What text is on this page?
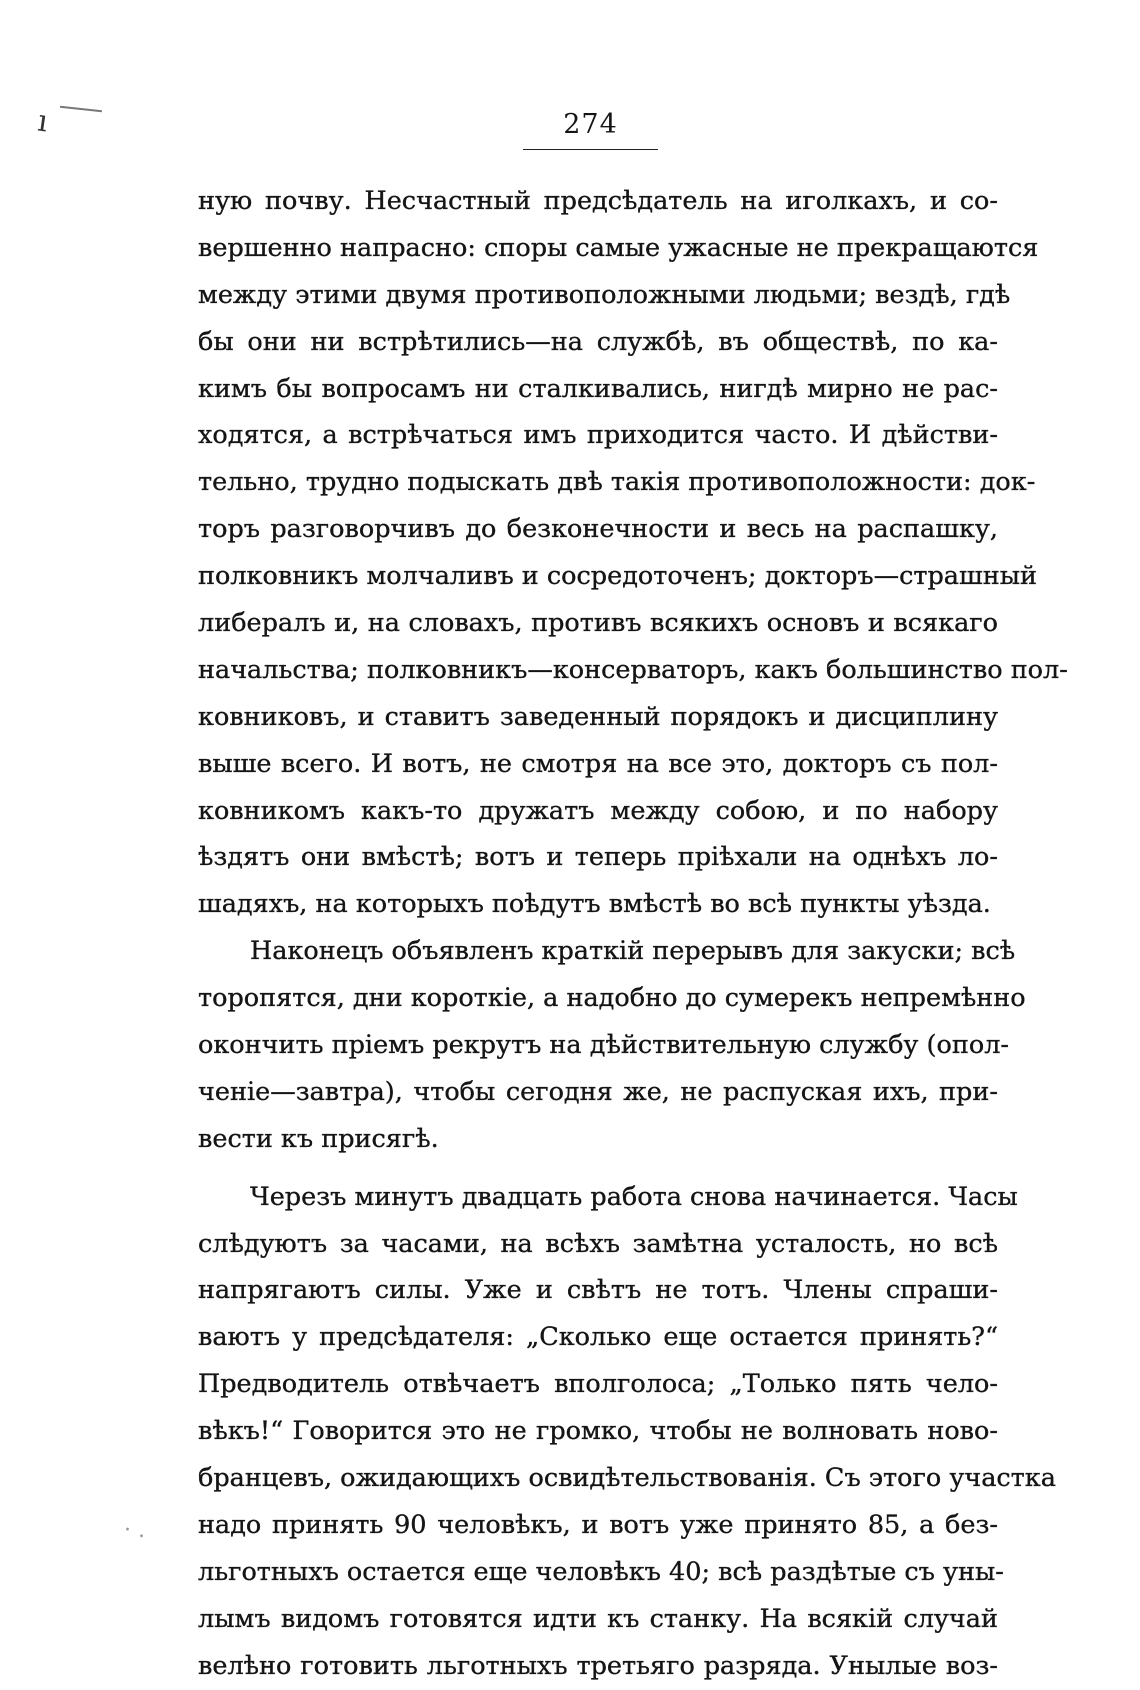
ı
· .
274
ную почву. Несчастный предсѣдатель на иголкахъ, и со-
вершенно напрасно: споры самые ужасные не прекращаются
между этими двумя противоположными людьми; вездѣ, гдѣ
бы они ни встрѣтились—на службѣ, въ обществѣ, по ка-
кимъ бы вопросамъ ни сталкивались, нигдѣ мирно не рас-
ходятся, а встрѣчаться имъ приходится часто. И дѣйстви-
тельно, трудно подыскать двѣ такія противоположности: док-
торъ разговорчивъ до безконечности и весь на распашку,
полковникъ молчаливъ и сосредоточенъ; докторъ—страшный
либералъ и, на словахъ, противъ всякихъ основъ и всякаго
начальства; полковникъ—консерваторъ, какъ большинство пол-
ковниковъ, и ставитъ заведенный порядокъ и дисциплину
выше всего. И вотъ, не смотря на все это, докторъ съ пол-
ковникомъ какъ-то дружатъ между собою, и по набору
ѣздятъ они вмѣстѣ; вотъ и теперь пріѣхали на однѣхъ ло-
шадяхъ, на которыхъ поѣдутъ вмѣстѣ во всѣ пункты уѣзда.
Наконецъ объявленъ краткій перерывъ для закуски; всѣ
торопятся, дни короткіе, а надобно до сумерекъ непремѣнно
окончить пріемъ рекрутъ на дѣйствительную службу (опол-
ченіе—завтра), чтобы сегодня же, не распуская ихъ, при-
вести къ присягѣ.
Черезъ минутъ двадцать работа снова начинается. Часы
слѣдуютъ за часами, на всѣхъ замѣтна усталость, но всѣ
напрягаютъ силы. Уже и свѣтъ не тотъ. Члены спраши-
ваютъ у предсѣдателя: „Сколько еще остается принять?“
Предводитель отвѣчаетъ вполголоса; „Только пять чело-
вѣкъ!“ Говорится это не громко, чтобы не волновать ново-
бранцевъ, ожидающихъ освидѣтельствованія. Съ этого участка
надо принять 90 человѣкъ, и вотъ уже принято 85, а без-
льготныхъ остается еще человѣкъ 40; всѣ раздѣтые съ уны-
лымъ видомъ готовятся идти къ станку. На всякій случай
велѣно готовить льготныхъ третьяго разряда. Унылые воз-
